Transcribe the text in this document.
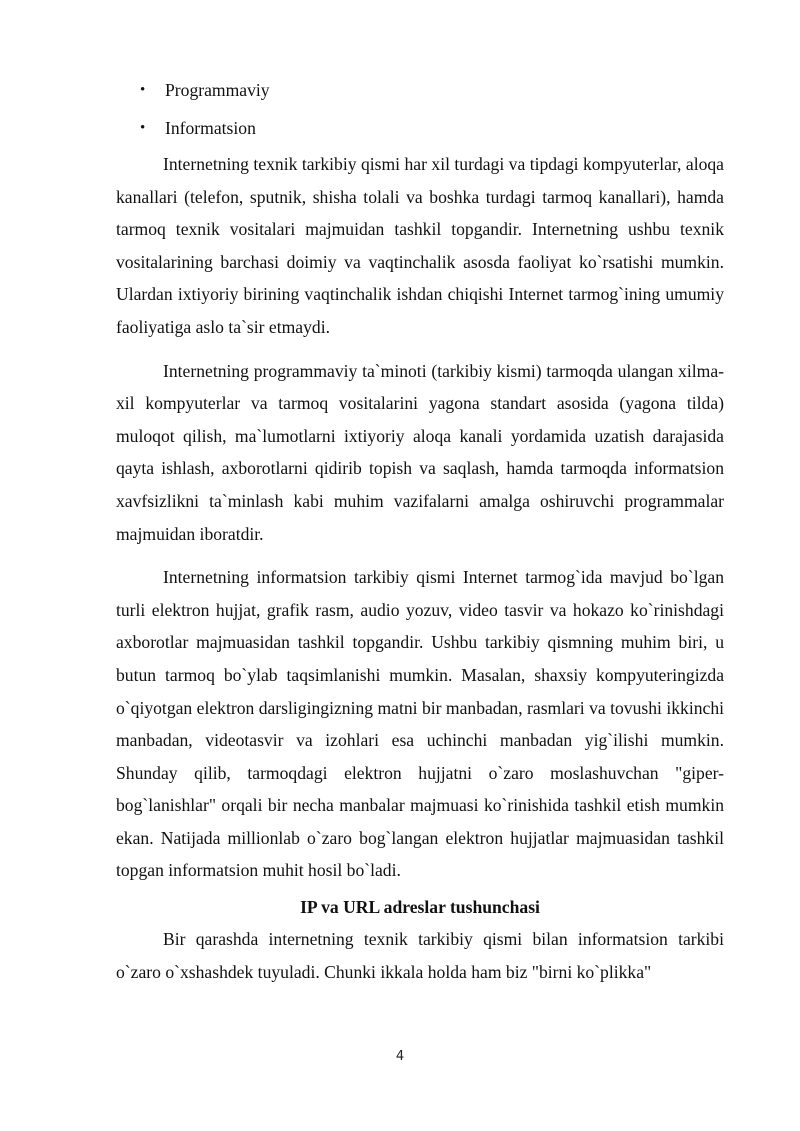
• Programmaviy
• Informatsion

Internetning texnik tarkibiy qismi har xil turdagi va tipdagi kompyuterlar, aloqa kanallari (telefon, sputnik, shisha tolali va boshka turdagi tarmoq kanallari), hamda tarmoq texnik vositalari majmuidan tashkil topgandir. Internetning ushbu texnik vositalarining barchasi doimiy va vaqtinchalik asosda faoliyat ko`rsatishi mumkin. Ulardan ixtiyoriy birining vaqtinchalik ishdan chiqishi Internet tarmog`ining umumiy faoliyatiga aslo ta`sir etmaydi.

Internetning programmaviy ta`minoti (tarkibiy kismi) tarmoqda ulangan xilma-xil kompyuterlar va tarmoq vositalarini yagona standart asosida (yagona tilda) muloqot qilish, ma`lumotlarni ixtiyoriy aloqa kanali yordamida uzatish darajasida qayta ishlash, axborotlarni qidirib topish va saqlash, hamda tarmoqda informatsion xavfsizlikni ta`minlash kabi muhim vazifalarni amalga oshiruvchi programmalar majmuidan iboratdir.

Internetning informatsion tarkibiy qismi Internet tarmog`ida mavjud bo`lgan turli elektron hujjat, grafik rasm, audio yozuv, video tasvir va hokazo ko`rinishdagi axborotlar majmuasidan tashkil topgandir. Ushbu tarkibiy qismning muhim biri, u butun tarmoq bo`ylab taqsimlanishi mumkin. Masalan, shaxsiy kompyuteringizda o`qiyotgan elektron darsligingizning matni bir manbadan, rasmlari va tovushi ikkinchi manbadan, videotasvir va izohlari esa uchinchi manbadan yig`ilishi mumkin. Shunday qilib, tarmoqdagi elektron hujjatni o`zaro moslashuvchan "giper-bog`lanishlar" orqali bir necha manbalar majmuasi ko`rinishida tashkil etish mumkin ekan. Natijada millionlab o`zaro bog`langan elektron hujjatlar majmuasidan tashkil topgan informatsion muhit hosil bo`ladi.

IP va URL adreslar tushunchasi

Bir qarashda internetning texnik tarkibiy qismi bilan informatsion tarkibi o`zaro o`xshashdek tuyuladi. Chunki ikkala holda ham biz "birni ko`plikka"

4
